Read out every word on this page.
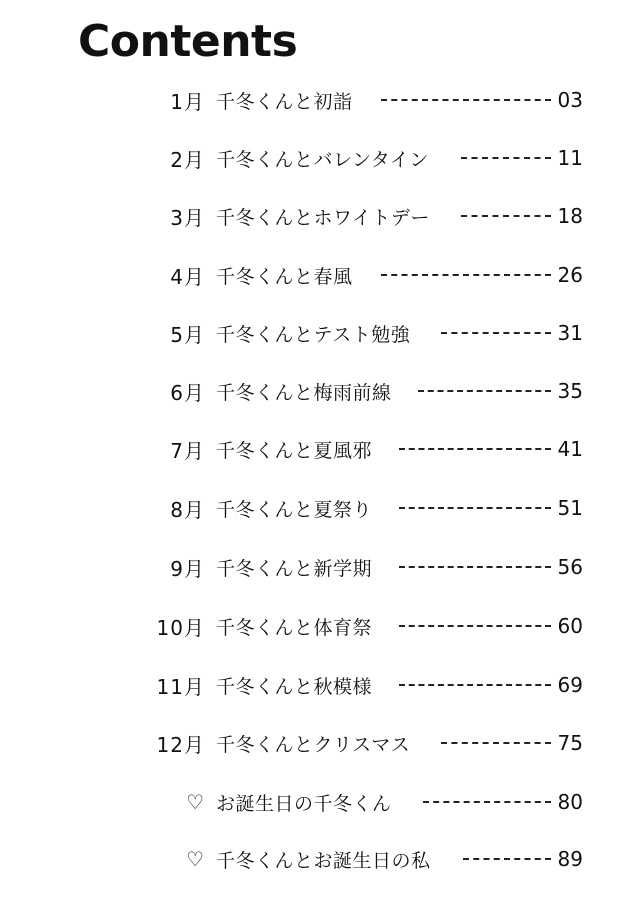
Contents
1月 千冬くんと初詣	03
2月 千冬くんとバレンタイン	11
3月 千冬くんとホワイトデー	18
4月 千冬くんと春風	26
5月 千冬くんとテスト勉強	31
6月 千冬くんと梅雨前線	35
7月 千冬くんと夏風邪	41
8月 千冬くんと夏祭り	51
9月 千冬くんと新学期	56
10月 千冬くんと体育祭	60
11月 千冬くんと秋模様	69
12月 千冬くんとクリスマス	75
♡ お誕生日の千冬くん	80
♡ 千冬くんとお誕生日の私	89
